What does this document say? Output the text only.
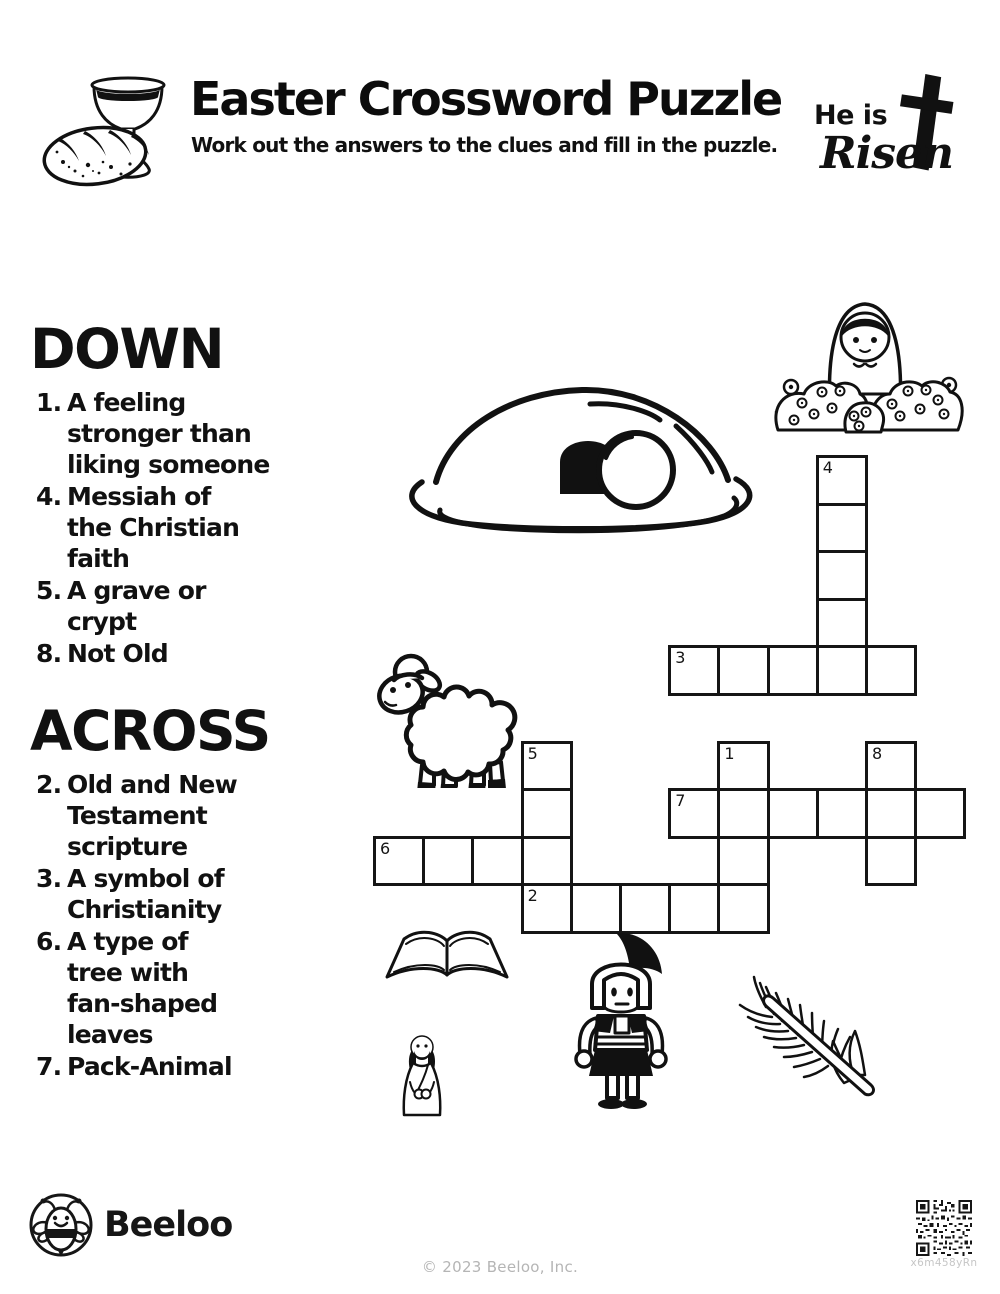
Easter Crossword Puzzle

Work out the answers to the clues and fill in the puzzle.

He is
Risen
DOWN
1. A feeling
stronger than
liking someone
4. Messiah of
the Christian
faith
5. A grave or
crypt
8. Not Old
ACROSS
2. Old and New
Testament
scripture
3. A symbol of
Christianity
6. A type of
tree with
fan-shaped
leaves
7. Pack-Animal
4
3
5	1	8
7
6
2
Beeloo
© 2023 Beeloo, Inc.	x6m458yRn
